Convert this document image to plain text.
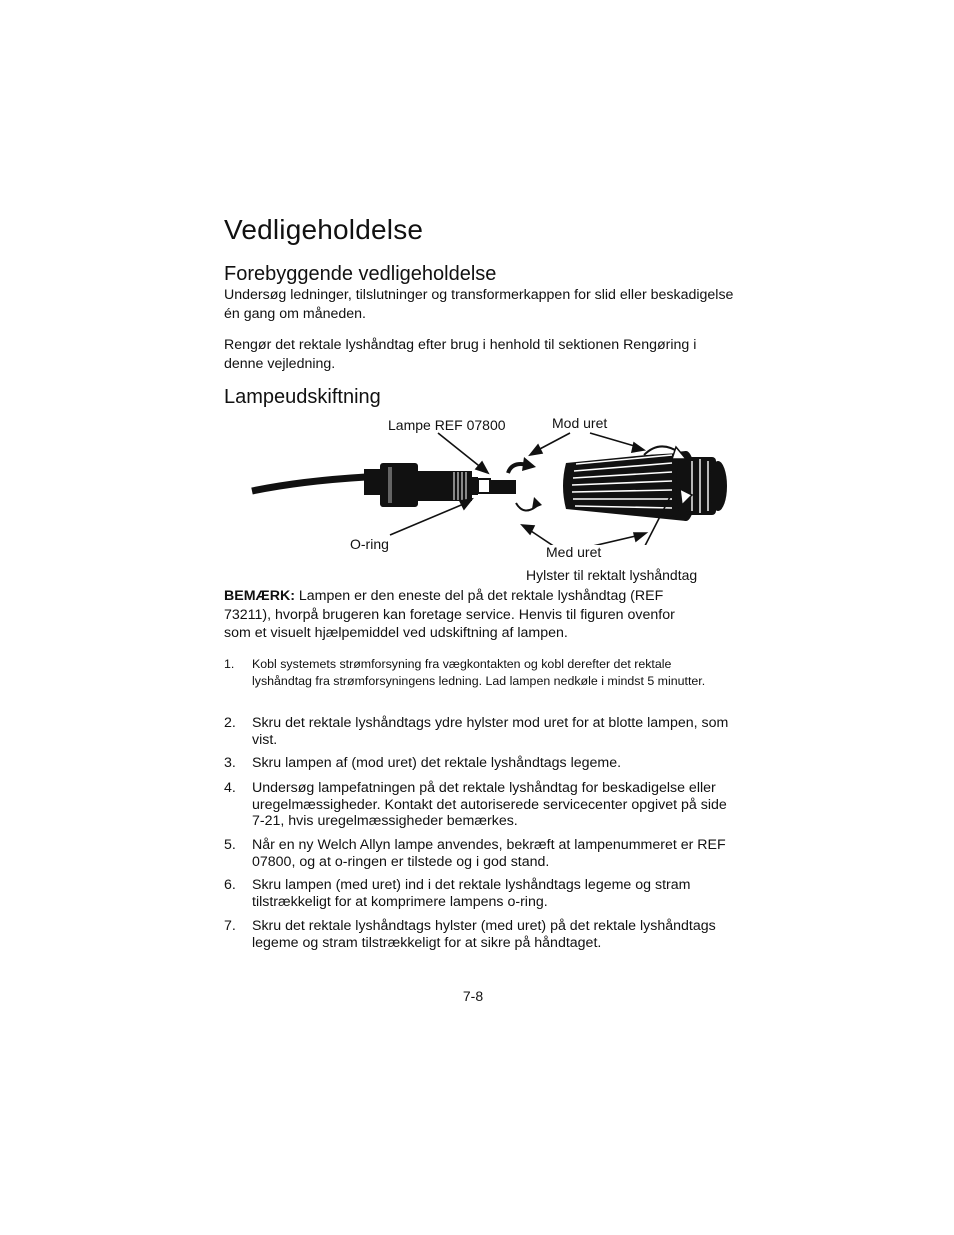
Vedligeholdelse
Forebyggende vedligeholdelse

Undersøg ledninger, tilslutninger og transformerkappen for slid eller beskadigelse én gang om måneden.

Rengør det rektale lyshåndtag efter brug i henhold til sektionen Rengøring i denne vejledning.

Lampeudskiftning
Lampe REF 07800	Mod uret
O-ring	Med uret
Hylster til rektalt lyshåndtag

BEMÆRK: Lampen er den eneste del på det rektale lyshåndtag (REF 73211), hvorpå brugeren kan foretage service. Henvis til figuren ovenfor som et visuelt hjælpemiddel ved udskiftning af lampen.

1. Kobl systemets strømforsyning fra vægkontakten og kobl derefter det rektale lyshåndtag fra strømforsyningens ledning. Lad lampen nedkøle i mindst 5 minutter.
2. Skru det rektale lyshåndtags ydre hylster mod uret for at blotte lampen, som vist.
3. Skru lampen af (mod uret) det rektale lyshåndtags legeme.
4. Undersøg lampefatningen på det rektale lyshåndtag for beskadigelse eller uregelmæssigheder. Kontakt det autoriserede servicecenter opgivet på side 7-21, hvis uregelmæssigheder bemærkes.
5. Når en ny Welch Allyn lampe anvendes, bekræft at lampenummeret er REF 07800, og at o-ringen er tilstede og i god stand.
6. Skru lampen (med uret) ind i det rektale lyshåndtags legeme og stram tilstrækkeligt for at komprimere lampens o-ring.
7. Skru det rektale lyshåndtags hylster (med uret) på det rektale lyshåndtags legeme og stram tilstrækkeligt for at sikre på håndtaget.
7-8
